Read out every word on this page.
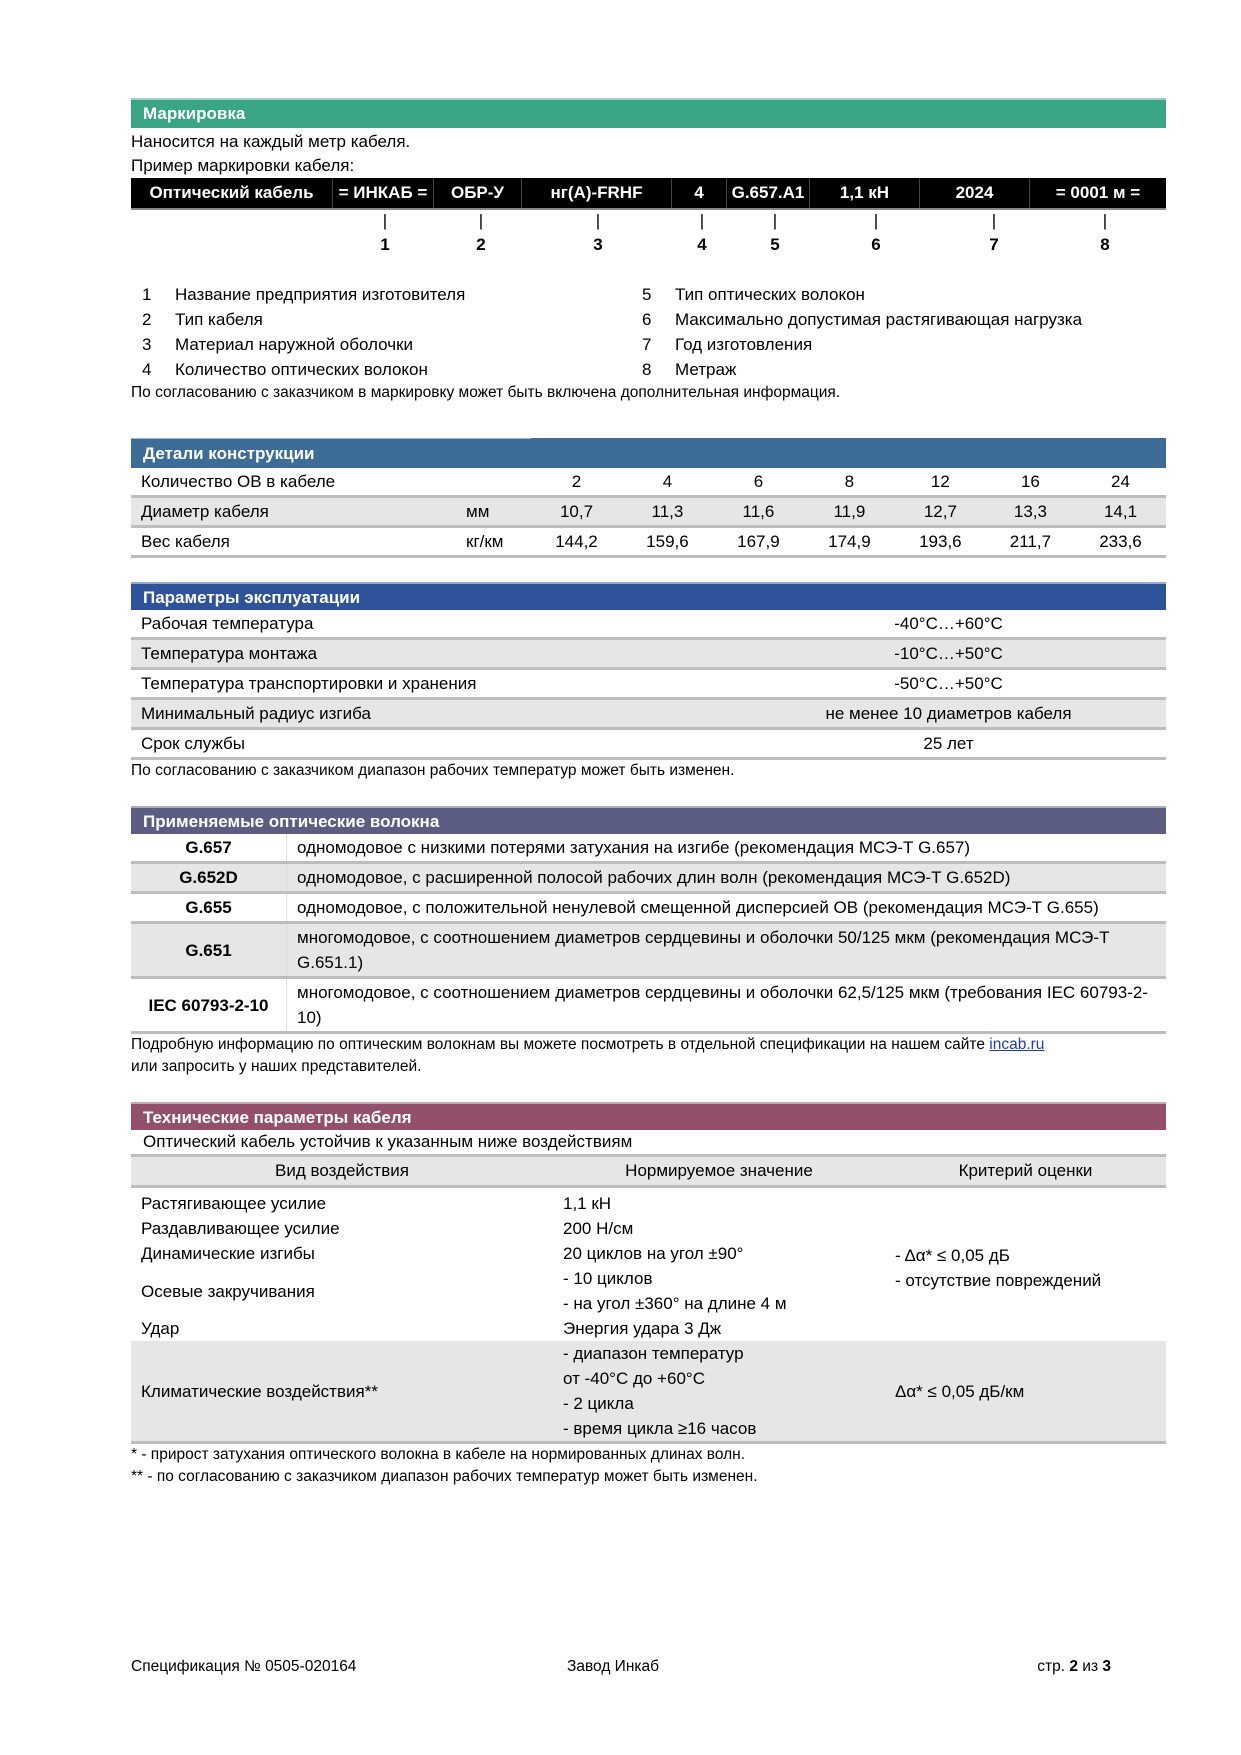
Маркировка
Наносится на каждый метр кабеля.
Пример маркировки кабеля:
Оптический кабель	= ИНКАБ =	ОБР-У	нг(A)-FRHF	4	G.657.A1	1,1 кН	2024	= 0001 м =
|
1
|
2
|
3
|
4
|
5
|
6
|
7
|
8
1	Название предприятия изготовителя	5	Тип оптических волокон
2	Тип кабеля	6	Максимально допустимая растягивающая нагрузка
3	Материал наружной оболочки	7	Год изготовления
4	Количество оптических волокон	8	Метраж
По согласованию с заказчиком в маркировку может быть включена дополнительная информация.
Детали конструкции								
Количество ОВ в кабеле		2	4	6	8	12	16	24
Диаметр кабеля	мм	10,7	11,3	11,6	11,9	12,7	13,3	14,1
Вес кабеля	кг/км	144,2	159,6	167,9	174,9	193,6	211,7	233,6
Параметры эксплуатации
Рабочая температура	-40°C…+60°C
Температура монтажа	-10°C…+50°C
Температура транспортировки и хранения	-50°C…+50°C
Минимальный радиус изгиба	не менее 10 диаметров кабеля
Срок службы	25 лет
По согласованию с заказчиком диапазон рабочих температур может быть изменен.
Применяемые оптические волокна
G.657	одномодовое с низкими потерями затухания на изгибе (рекомендация МСЭ-Т G.657)
G.652D	одномодовое, с расширенной полосой рабочих длин волн (рекомендация МСЭ-Т G.652D)
G.655	одномодовое, с положительной ненулевой смещенной дисперсией ОВ (рекомендация МСЭ-Т G.655)
G.651	многомодовое, с соотношением диаметров сердцевины и оболочки 50/125 мкм (рекомендация МСЭ-Т G.651.1)
IEC 60793-2-10	многомодовое, с соотношением диаметров сердцевины и оболочки 62,5/125 мкм (требования IEC 60793-2-10)
Подробную информацию по оптическим волокнам вы можете посмотреть в отдельной спецификации на нашем сайте incab.ru
или запросить у наших представителей.
Технические параметры кабеля
Оптический кабель устойчив к указанным ниже воздействиям
Вид воздействия	Нормируемое значение	Критерий оценки
Растягивающее усилие	1,1 кН	
Раздавливающее усилие	200 Н/см	
Динамические изгибы	20 циклов на угол ±90°	- Δα* ≤ 0,05 дБ
- отсутствие повреждений

Осевые закручивания	- 10 циклов
- на угол ±360° на длине 4 м	

Удар	Энергия удара 3 Дж	
Климатические воздействия**	- диапазон температур
от -40°C до +60°C
- 2 цикла
- время цикла ≥16 часов	Δα* ≤ 0,05 дБ/км
* - прирост затухания оптического волокна в кабеле на нормированных длинах волн.
** - по согласованию с заказчиком диапазон рабочих температур может быть изменен.
Спецификация № 0505-020164	Завод Инкаб	стр. 2 из 3
